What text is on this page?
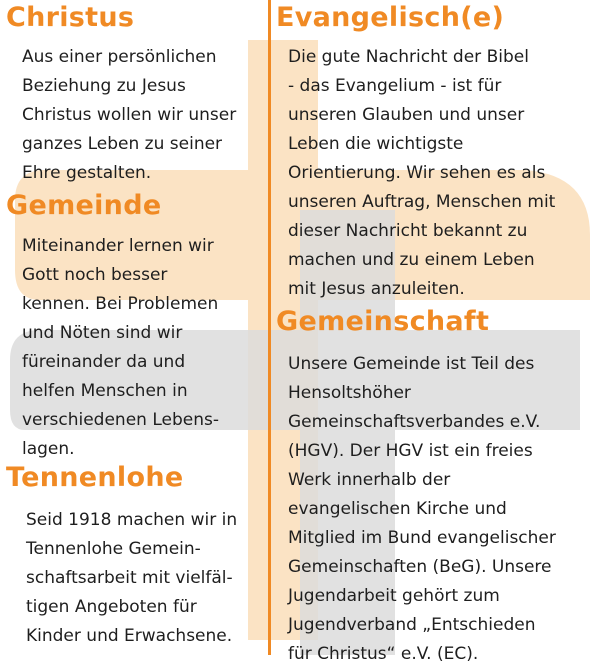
Christus
Aus einer persönlichen
Beziehung zu Jesus
Christus wollen wir unser
ganzes Leben zu seiner
Ehre gestalten.
Gemeinde
Miteinander lernen wir
Gott noch besser
kennen. Bei Problemen
und Nöten sind wir
füreinander da und
helfen Menschen in
verschiedenen Lebens-
lagen.
Tennenlohe
Seid 1918 machen wir in
Tennenlohe Gemein-
schaftsarbeit mit vielfäl-
tigen Angeboten für
Kinder und Erwachsene.
Evangelisch(e)
Die gute Nachricht der Bibel
- das Evangelium - ist für
unseren Glauben und unser
Leben die wichtigste
Orientierung. Wir sehen es als
unseren Auftrag, Menschen mit
dieser Nachricht bekannt zu
machen und zu einem Leben
mit Jesus anzuleiten.
Gemeinschaft
Unsere Gemeinde ist Teil des
Hensoltshöher
Gemeinschaftsverbandes e.V.
(HGV). Der HGV ist ein freies
Werk innerhalb der
evangelischen Kirche und
Mitglied im Bund evangelischer
Gemeinschaften (BeG). Unsere
Jugendarbeit gehört zum
Jugendverband „Entschieden
für Christus“ e.V. (EC).
